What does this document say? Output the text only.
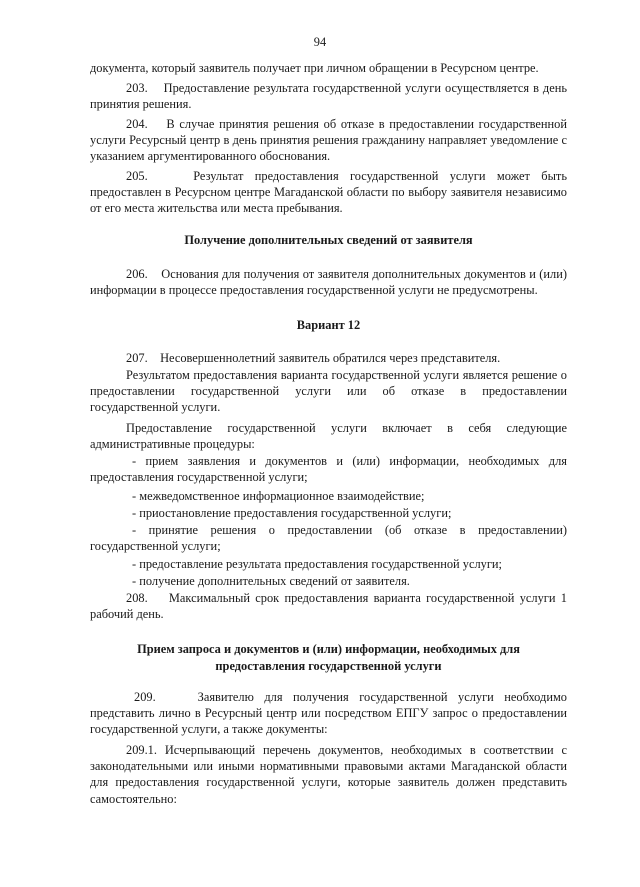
94

документа, который заявитель получает при личном обращении в Ресурсном центре.

203.    Предоставление результата государственной услуги осуществляется в день принятия решения.

204.    В случае принятия решения об отказе в предоставлении государственной услуги Ресурсный центр в день принятия решения гражданину направляет уведомление с указанием аргументированного обоснования.

205.    Результат предоставления государственной услуги может быть предоставлен в Ресурсном центре Магаданской области по выбору заявителя независимо от его места жительства или места пребывания.

Получение дополнительных сведений от заявителя

206.    Основания для получения от заявителя дополнительных документов и (или) информации в процессе предоставления государственной услуги не предусмотрены.

Вариант 12

207.    Несовершеннолетний заявитель обратился через представителя.

Результатом предоставления варианта государственной услуги является решение о предоставлении государственной услуги или об отказе в предоставлении государственной услуги.

Предоставление государственной услуги включает в себя следующие административные процедуры:

- прием заявления и документов и (или) информации, необходимых для предоставления государственной услуги;

- межведомственное информационное взаимодействие;

- приостановление предоставления государственной услуги;

- принятие решения о предоставлении (об отказе в предоставлении) государственной услуги;

- предоставление результата предоставления государственной услуги;

- получение дополнительных сведений от заявителя.

208.    Максимальный срок предоставления варианта государственной услуги 1 рабочий день.

Прием запроса и документов и (или) информации, необходимых для
предоставления государственной услуги

209.    Заявителю для получения государственной услуги необходимо представить лично в Ресурсный центр или посредством ЕПГУ запрос о предоставлении государственной услуги, а также документы:

209.1. Исчерпывающий перечень документов, необходимых в соответствии с законодательными или иными нормативными правовыми актами Магаданской области для предоставления государственной услуги, которые заявитель должен представить самостоятельно:
